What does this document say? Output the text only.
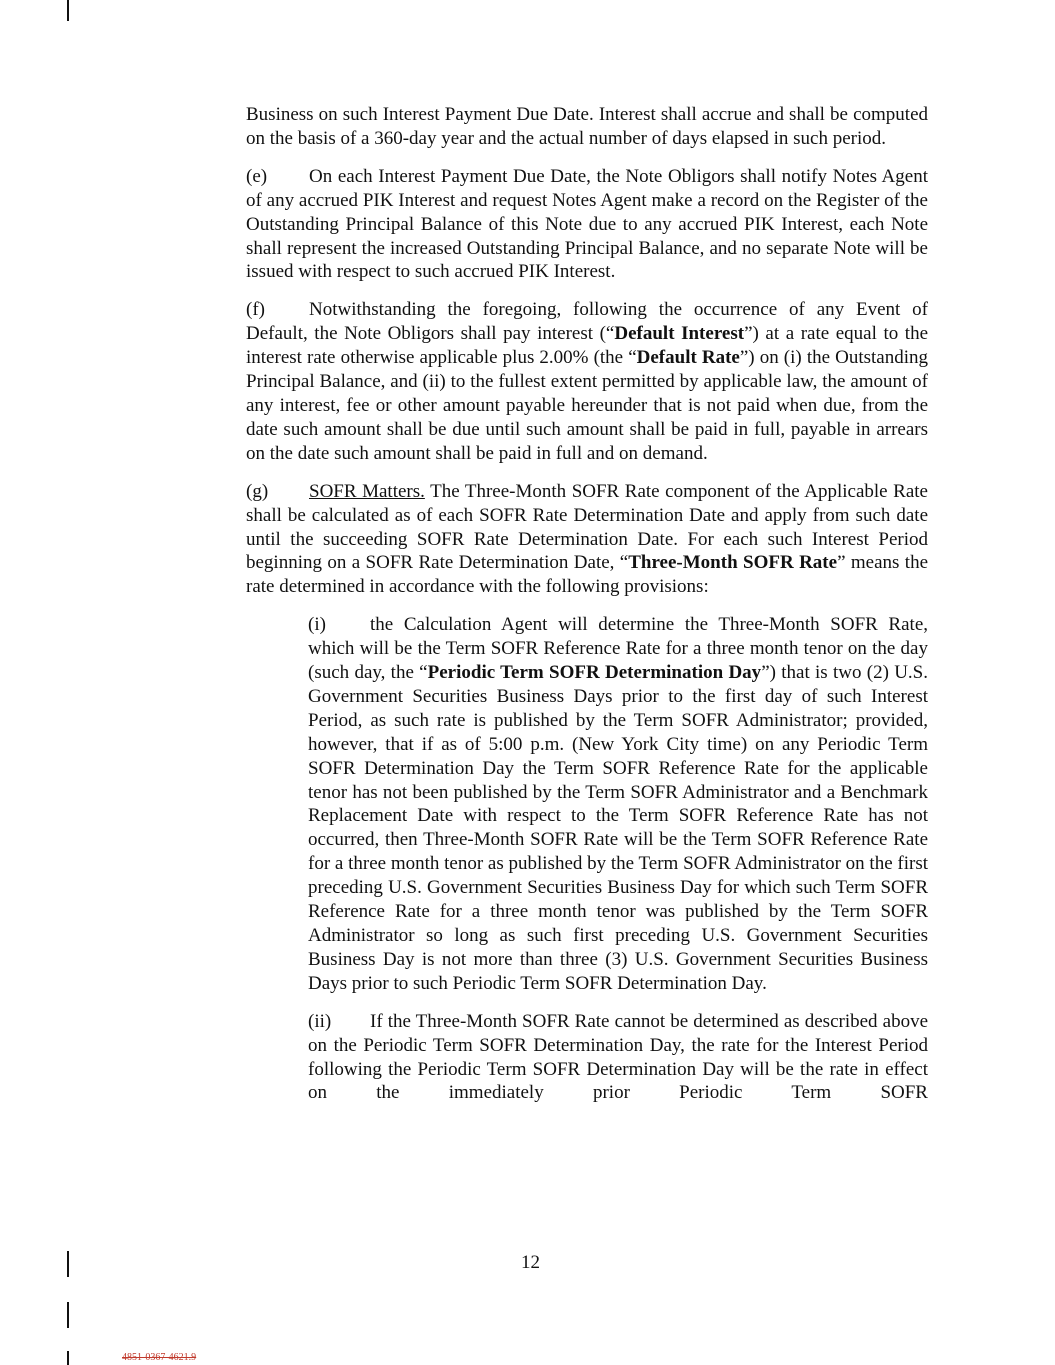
Business on such Interest Payment Due Date. Interest shall accrue and shall be computed on the basis of a 360-day year and the actual number of days elapsed in such period.

(e) On each Interest Payment Due Date, the Note Obligors shall notify Notes Agent of any accrued PIK Interest and request Notes Agent make a record on the Register of the Outstanding Principal Balance of this Note due to any accrued PIK Interest, each Note shall represent the increased Outstanding Principal Balance, and no separate Note will be issued with respect to such accrued PIK Interest.

(f) Notwithstanding the foregoing, following the occurrence of any Event of Default, the Note Obligors shall pay interest (“Default Interest”) at a rate equal to the interest rate otherwise applicable plus 2.00% (the “Default Rate”) on (i) the Outstanding Principal Balance, and (ii) to the fullest extent permitted by applicable law, the amount of any interest, fee or other amount payable hereunder that is not paid when due, from the date such amount shall be due until such amount shall be paid in full, payable in arrears on the date such amount shall be paid in full and on demand.

(g) SOFR Matters. The Three-Month SOFR Rate component of the Applicable Rate shall be calculated as of each SOFR Rate Determination Date and apply from such date until the succeeding SOFR Rate Determination Date. For each such Interest Period beginning on a SOFR Rate Determination Date, “Three-Month SOFR Rate” means the rate determined in accordance with the following provisions:

(i) the Calculation Agent will determine the Three-Month SOFR Rate, which will be the Term SOFR Reference Rate for a three month tenor on the day (such day, the “Periodic Term SOFR Determination Day”) that is two (2) U.S. Government Securities Business Days prior to the first day of such Interest Period, as such rate is published by the Term SOFR Administrator; provided, however, that if as of 5:00 p.m. (New York City time) on any Periodic Term SOFR Determination Day the Term SOFR Reference Rate for the applicable tenor has not been published by the Term SOFR Administrator and a Benchmark Replacement Date with respect to the Term SOFR Reference Rate has not occurred, then Three-Month SOFR Rate will be the Term SOFR Reference Rate for a three month tenor as published by the Term SOFR Administrator on the first preceding U.S. Government Securities Business Day for which such Term SOFR Reference Rate for a three month tenor was published by the Term SOFR Administrator so long as such first preceding U.S. Government Securities Business Day is not more than three (3) U.S. Government Securities Business Days prior to such Periodic Term SOFR Determination Day.

(ii) If the Three-Month SOFR Rate cannot be determined as described above on the Periodic Term SOFR Determination Day, the rate for the Interest Period following the Periodic Term SOFR Determination Day will be the rate in effect on the immediately prior Periodic Term SOFR

12
4851-0367-4621.9
